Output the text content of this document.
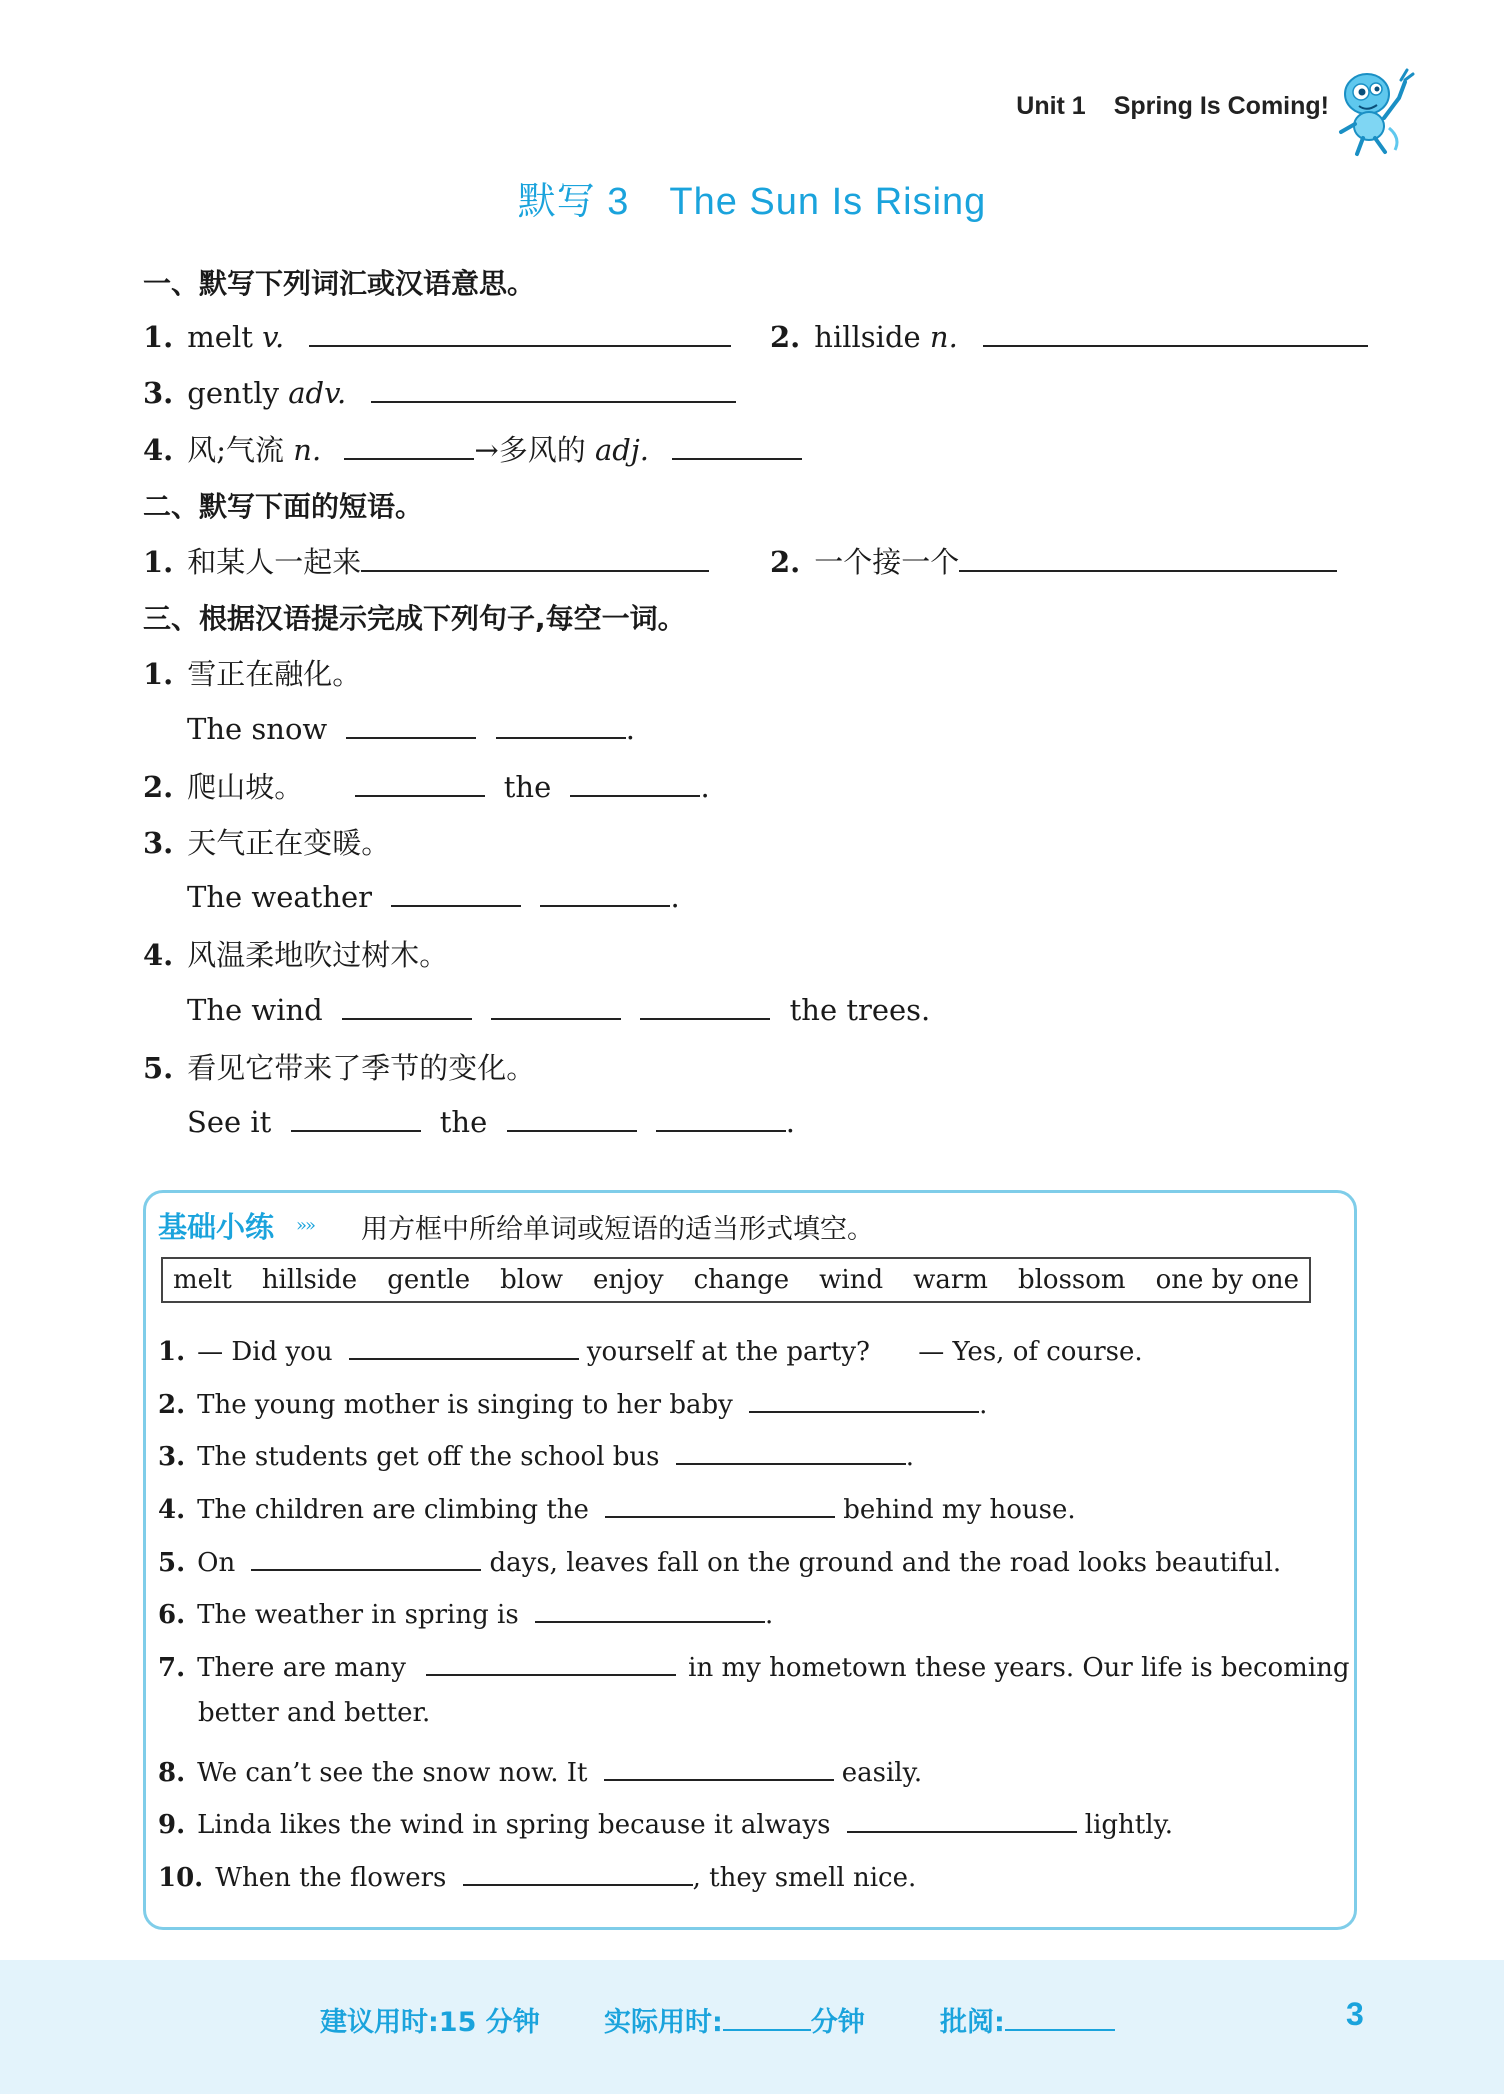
Unit 1 Spring Is Coming!
默写 3 The Sun Is Rising
一、默写下列词汇或汉语意思。
1. melt v.	2. hillside n.
3. gently adv.
4. 风;气流 n.	→多风的 adj.
二、默写下面的短语。
1. 和某人一起来	2. 一个接一个
三、根据汉语提示完成下列句子,每空一词。
1. 雪正在融化。
The snow	.
2. 爬山坡。	the	.
3. 天气正在变暖。
The weather	.
4. 风温柔地吹过树木。
The wind	the trees.
5. 看见它带来了季节的变化。
See it	the	.
基础小练 »» 用方框中所给单词或短语的适当形式填空。
melt hillside gentle blow enjoy change wind warm blossom one by one
1. — Did you	yourself at the party? — Yes, of course.
2. The young mother is singing to her baby	.
3. The students get off the school bus	.
4. The children are climbing the	behind my house.
5. On	days, leaves fall on the ground and the road looks beautiful.
6. The weather in spring is	.
7. There are many	in my hometown these years. Our life is becoming
better and better.
8. We can’t see the snow now. It	easily.
9. Linda likes the wind in spring because it always	lightly.
10. When the flowers	, they smell nice.
建议用时:15 分钟 实际用时:	分钟	批阅:	3
